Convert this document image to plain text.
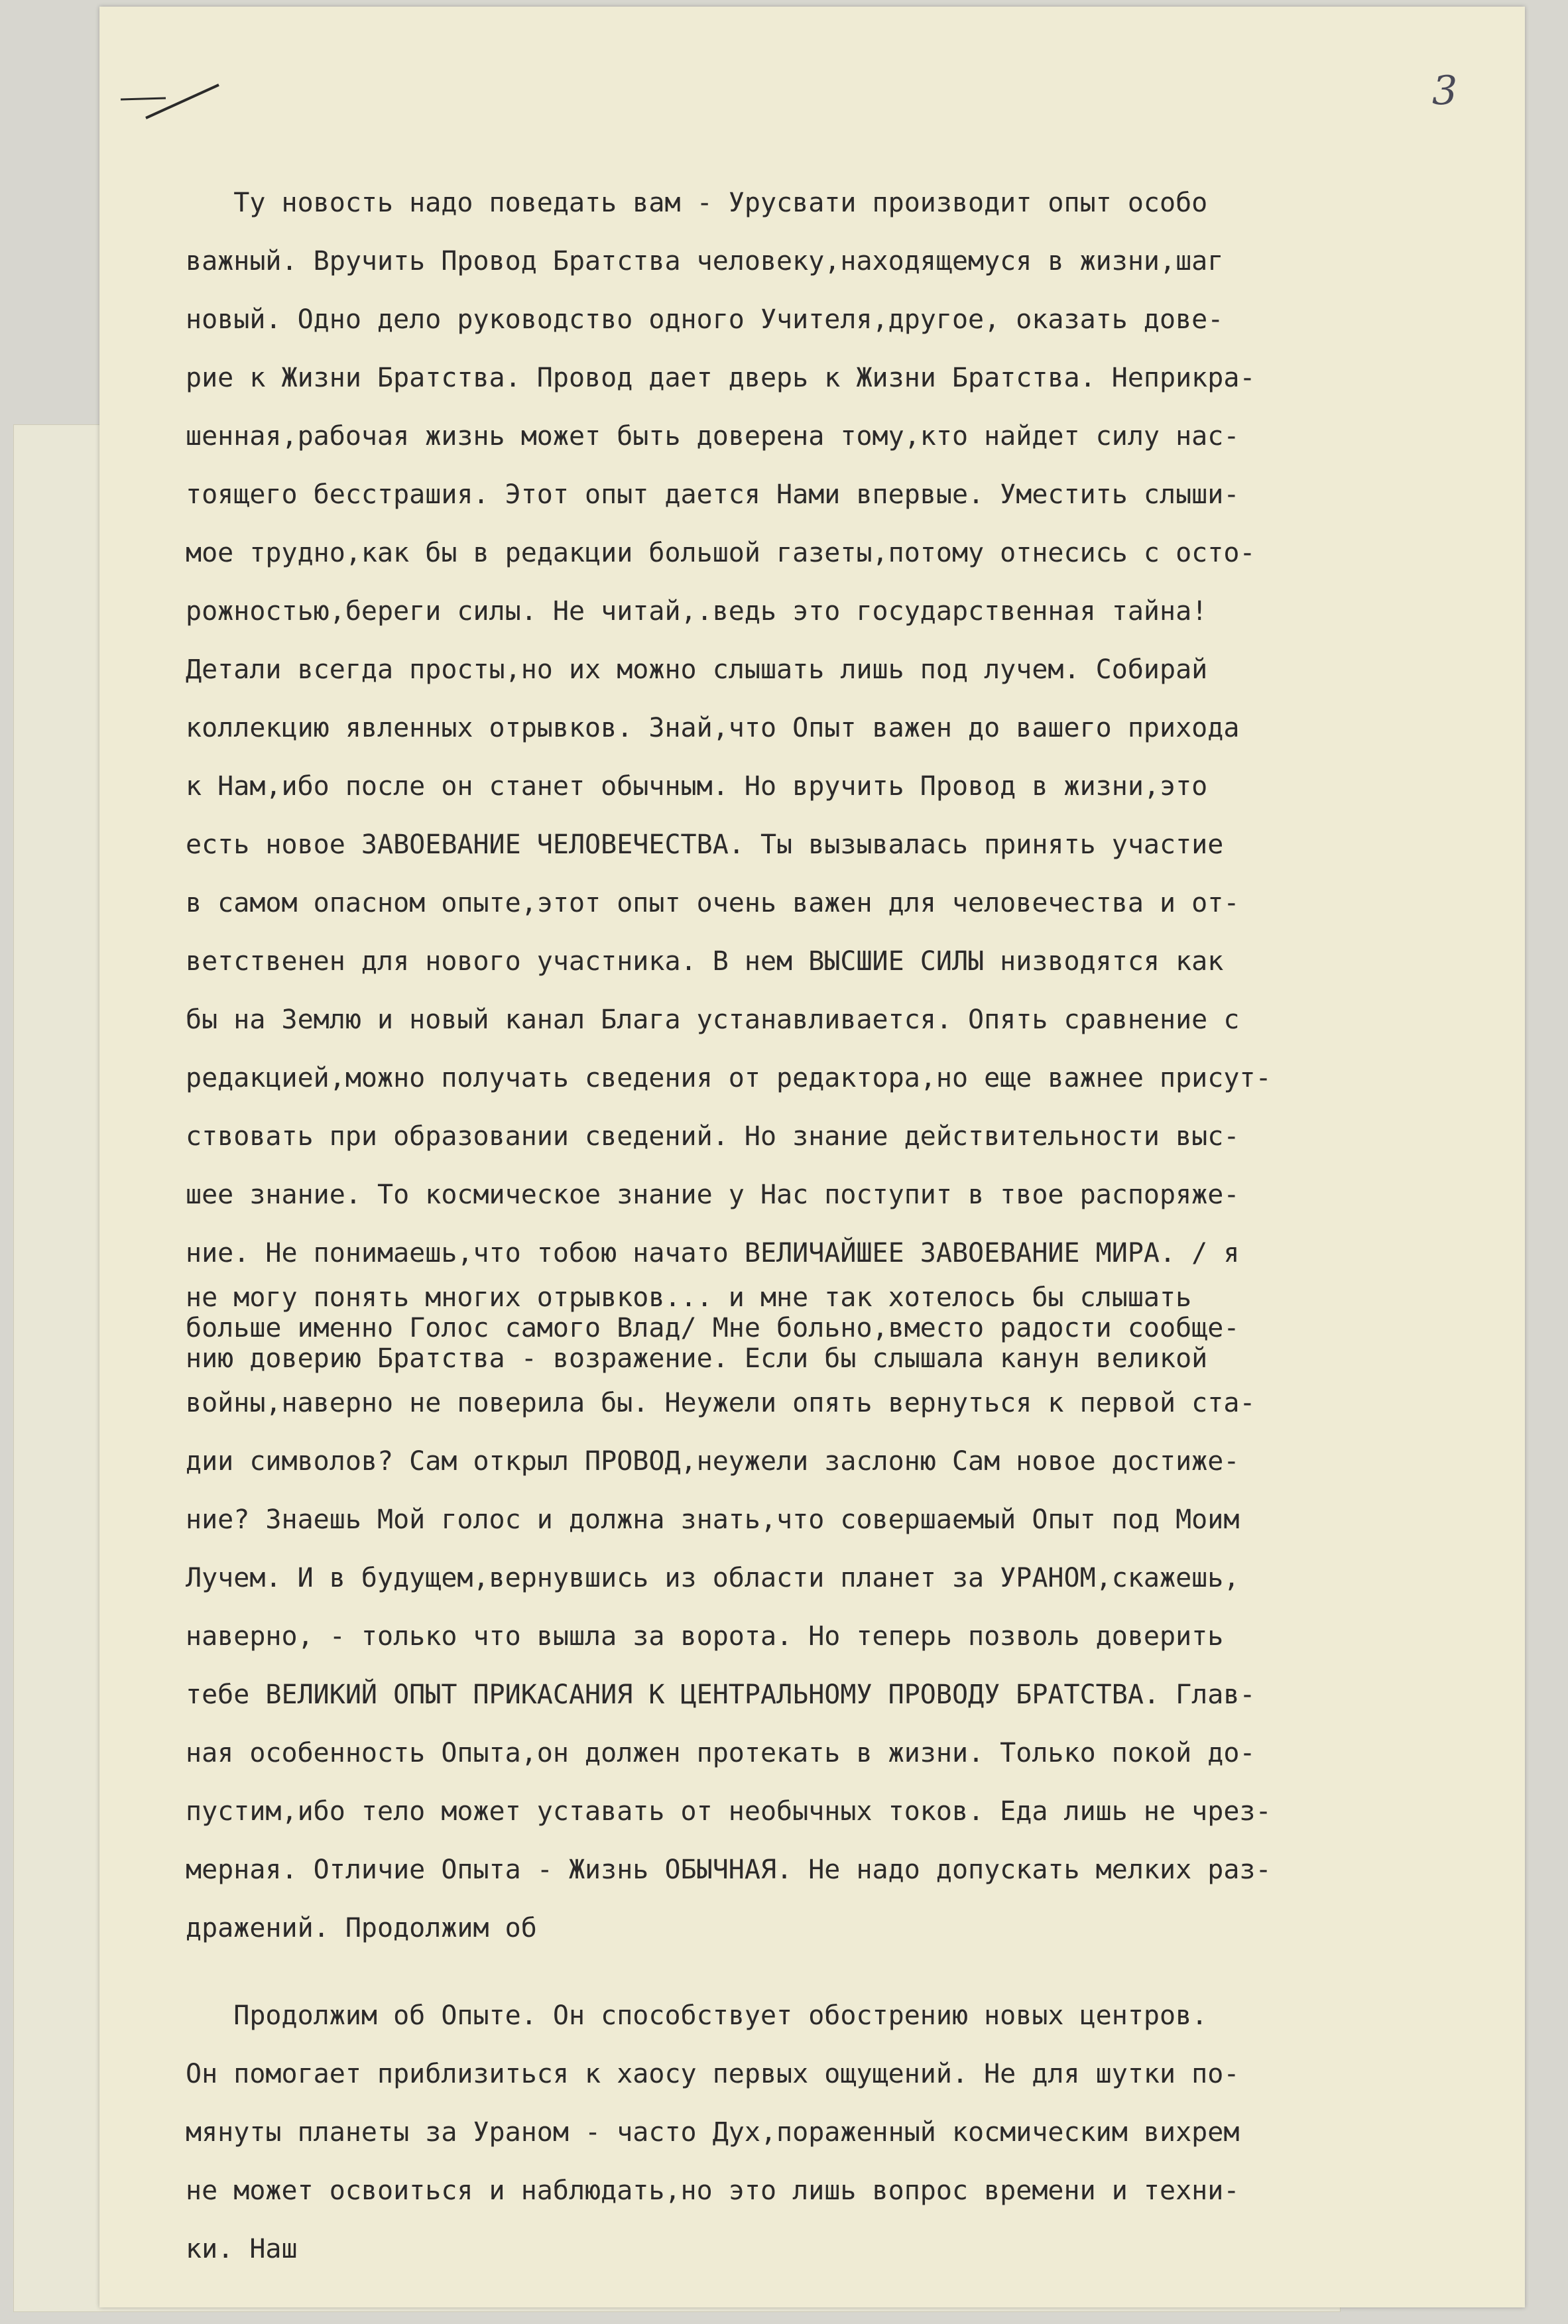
3
Ту новость надо поведать вам - Урусвати производит опыт особо
важный. Вручить Провод Братства человеку,находящемуся в жизни,шаг
новый. Одно дело руководство одного Учителя,другое, оказать дове-
рие к Жизни Братства. Провод дает дверь к Жизни Братства. Неприкра-
шенная,рабочая жизнь может быть доверена тому,кто найдет силу нас-
тоящего бесстрашия. Этот опыт дается Нами впервые. Уместить слыши-
мое трудно,как бы в редакции большой газеты,потому отнесись с осто-
рожностью,береги силы. Не читай,.ведь это государственная тайна!
Детали всегда просты,но их можно слышать лишь под лучем. Собирай
коллекцию явленных отрывков. Знай,что Опыт важен до вашего прихода
к Нам,ибо после он станет обычным. Но вручить Провод в жизни,это
есть новое ЗАВОЕВАНИЕ ЧЕЛОВЕЧЕСТВА. Ты вызывалась принять участие
в самом опасном опыте,этот опыт очень важен для человечества и от-
ветственен для нового участника. В нем ВЫСШИЕ СИЛЫ низводятся как
бы на Землю и новый канал Блага устанавливается. Опять сравнение с
редакцией,можно получать сведения от редактора,но еще важнее присут-
ствовать при образовании сведений. Но знание действительности выс-
шее знание. То космическое знание у Нас поступит в твое распоряже-
ние. Не понимаешь,что тобою начато ВЕЛИЧАЙШЕЕ ЗАВОЕВАНИЕ МИРА. / я
не могу понять многих отрывков... и мне так хотелось бы слышать
больше именно Голос самого Влад/ Мне больно,вместо радости сообще-
нию доверию Братства - возражение. Если бы слышала канун великой
войны,наверно не поверила бы. Неужели опять вернуться к первой ста-
дии символов? Сам открыл ПРОВОД,неужели заслоню Сам новое достиже-
ние? Знаешь Мой голос и должна знать,что совершаемый Опыт под Моим
Лучем. И в будущем,вернувшись из области планет за УРАНОМ,скажешь,
наверно, - только что вышла за ворота. Но теперь позволь доверить
тебе ВЕЛИКИЙ ОПЫТ ПРИКАСАНИЯ К ЦЕНТРАЛЬНОМУ ПРОВОДУ БРАТСТВА. Глав-
ная особенность Опыта,он должен протекать в жизни. Только покой до-
пустим,ибо тело может уставать от необычных токов. Еда лишь не чрез-
мерная. Отличие Опыта - Жизнь ОБЫЧНАЯ. Не надо допускать мелких раз-
дражений. Продолжим об
Продолжим об Опыте. Он способствует обострению новых центров.
Он помогает приблизиться к хаосу первых ощущений. Не для шутки по-
мянуты планеты за Ураном - часто Дух,пораженный космическим вихрем
не может освоиться и наблюдать,но это лишь вопрос времени и техни-
ки. Наш
